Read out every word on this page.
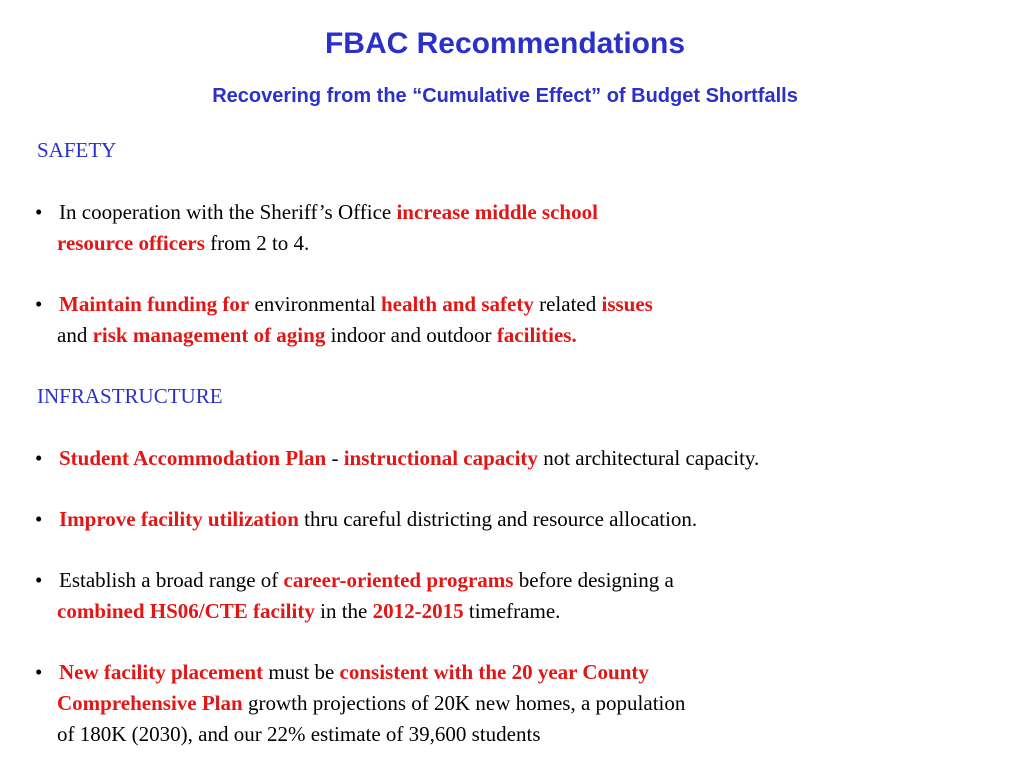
FBAC Recommendations
Recovering from the “Cumulative Effect” of Budget Shortfalls
SAFETY
• In cooperation with the Sheriff’s Office increase middle school
resource officers from 2 to 4.
• Maintain funding for environmental health and safety related issues
and risk management of aging indoor and outdoor facilities.
INFRASTRUCTURE
• Student Accommodation Plan - instructional capacity not architectural capacity.
• Improve facility utilization thru careful districting and resource allocation.
• Establish a broad range of career-oriented programs before designing a
combined HS06/CTE facility in the 2012-2015 timeframe.
• New facility placement must be consistent with the 20 year County
Comprehensive Plan growth projections of 20K new homes, a population
of 180K (2030), and our 22% estimate of 39,600 students
